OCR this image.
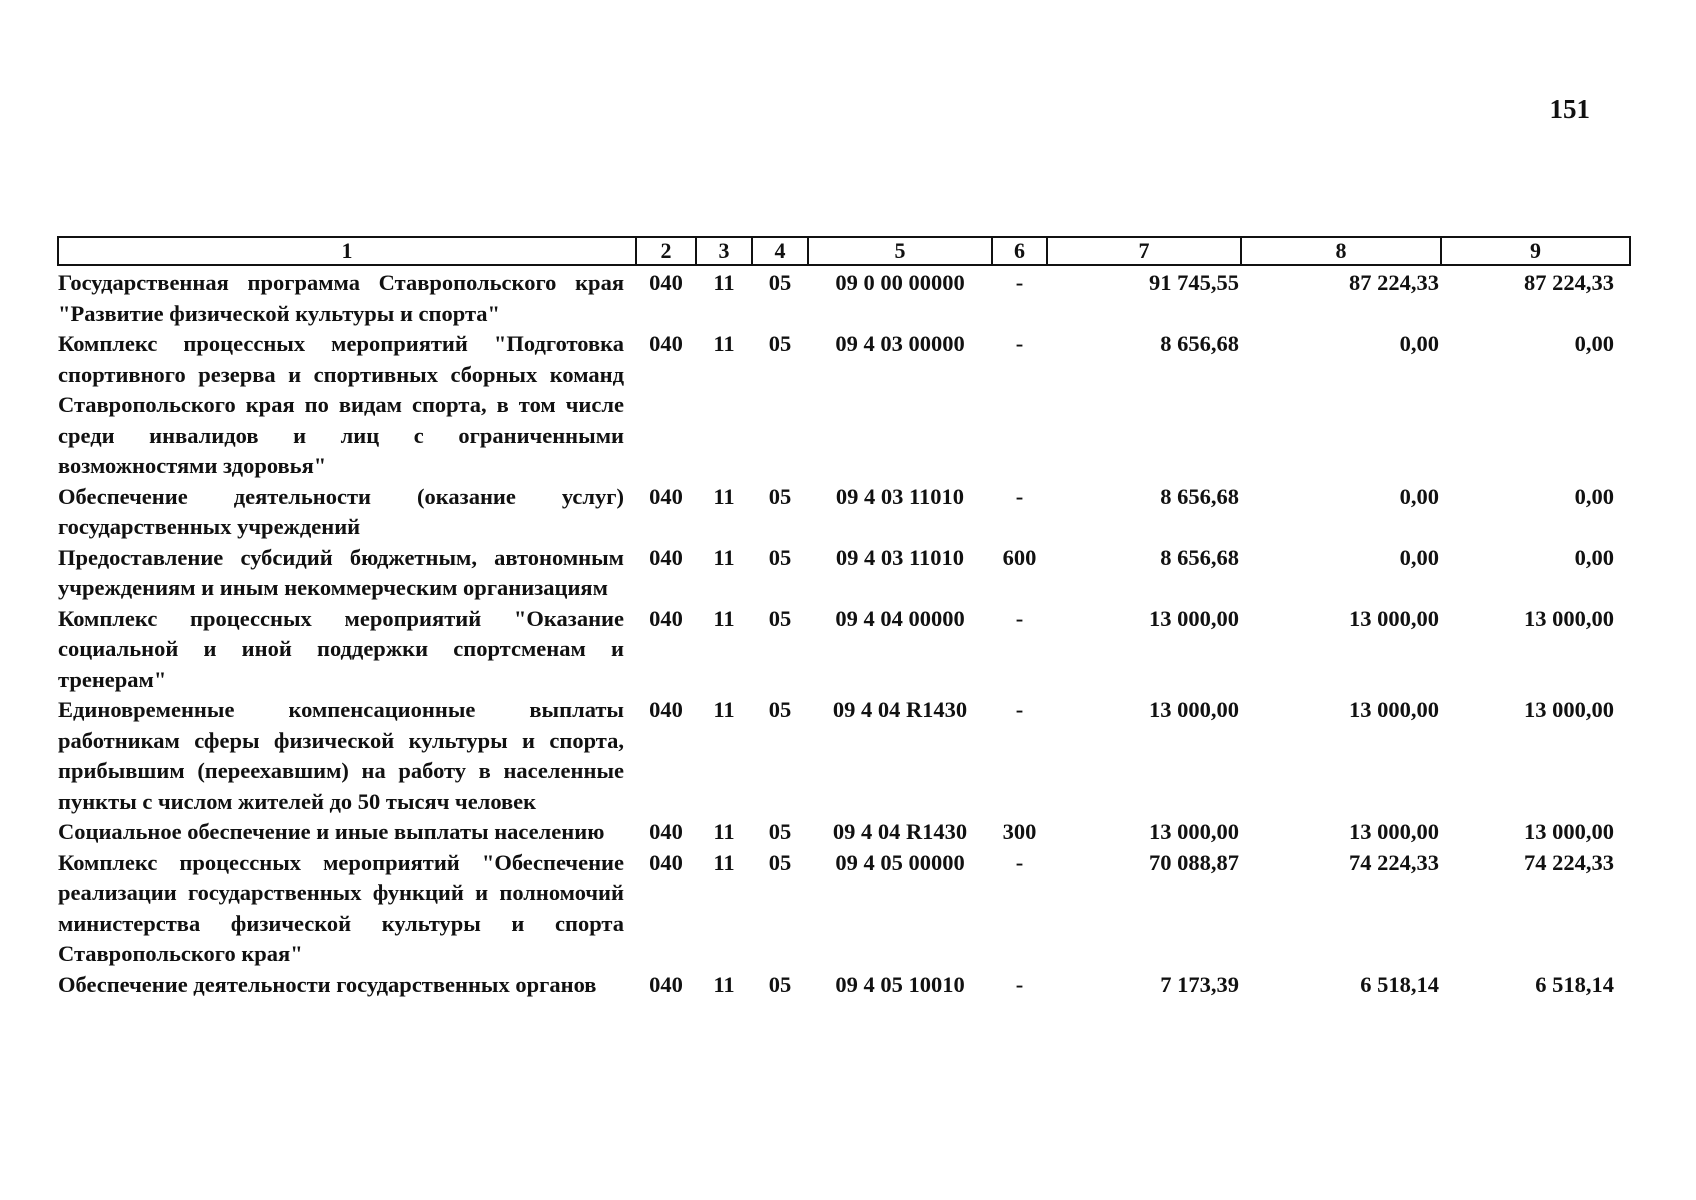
151
1	2	3	4	5	6	7	8	9
Государственная программа Ставропольского края "Развитие физической культуры и спорта"	040	11	05	09 0 00 00000	-	91 745,55	87 224,33	87 224,33
Комплекс процессных мероприятий "Подготовка спортивного резерва и спортивных сборных команд Ставропольского края по видам спорта, в том числе среди инвалидов и лиц с ограниченными возможностями здоровья"	040	11	05	09 4 03 00000	-	8 656,68	0,00	0,00
Обеспечение деятельности (оказание услуг) государственных учреждений	040	11	05	09 4 03 11010	-	8 656,68	0,00	0,00
Предоставление субсидий бюджетным, автономным учреждениям и иным некоммерческим организациям	040	11	05	09 4 03 11010	600	8 656,68	0,00	0,00
Комплекс процессных мероприятий "Оказание социальной и иной поддержки спортсменам и тренерам"	040	11	05	09 4 04 00000	-	13 000,00	13 000,00	13 000,00
Единовременные компенсационные выплаты работникам сферы физической культуры и спорта, прибывшим (переехавшим) на работу в населенные пункты с числом жителей до 50 тысяч человек	040	11	05	09 4 04 R1430	-	13 000,00	13 000,00	13 000,00
Социальное обеспечение и иные выплаты населению	040	11	05	09 4 04 R1430	300	13 000,00	13 000,00	13 000,00
Комплекс процессных мероприятий "Обеспечение реализации государственных функций и полномочий министерства физической культуры и спорта Ставропольского края"	040	11	05	09 4 05 00000	-	70 088,87	74 224,33	74 224,33
Обеспечение деятельности государственных органов	040	11	05	09 4 05 10010	-	7 173,39	6 518,14	6 518,14
